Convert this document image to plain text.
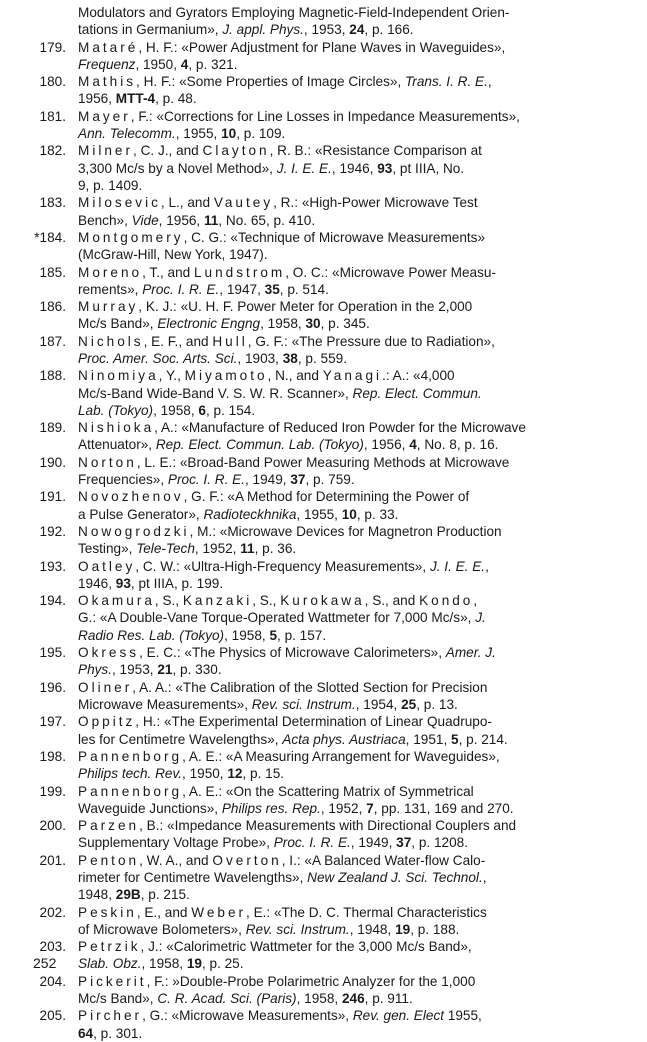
Modulators and Gyrators Employing Magnetic-Field-Independent Orien-
tations in Germanium», J. appl. Phys., 1953, 24, p. 166.
179. Mataré, H. F.: «Power Adjustment for Plane Waves in Waveguides»,
Frequenz, 1950, 4, p. 321.
180. Mathis, H. F.: «Some Properties of Image Circles», Trans. I. R. E.,
1956, MTT-4, p. 48.
181. Mayer, F.: «Corrections for Line Losses in Impedance Measurements»,
Ann. Telecomm., 1955, 10, p. 109.
182. Milner, C. J., and Clayton, R. B.: «Resistance Comparison at
3,300 Mc/s by a Novel Method», J. I. E. E., 1946, 93, pt IIIA, No.
9, p. 1409.
183. Milosevic, L., and Vautey, R.: «High-Power Microwave Test
Bench», Vide, 1956, 11, No. 65, p. 410.
*184. Montgomery, C. G.: «Technique of Microwave Measurements»
(McGraw-Hill, New York, 1947).
185. Moreno, T., and Lundstrom, O. C.: «Microwave Power Measu-
rements», Proc. I. R. E., 1947, 35, p. 514.
186. Murray, K. J.: «U. H. F. Power Meter for Operation in the 2,000
Mc/s Band», Electronic Engng, 1958, 30, p. 345.
187. Nichols, E. F., and Hull, G. F.: «The Pressure due to Radiation»,
Proc. Amer. Soc. Arts. Sci., 1903, 38, p. 559.
188. Ninomiya, Y., Miyamoto, N., and Yanagi.: A.: «4,000
Mc/s-Band Wide-Band V. S. W. R. Scanner», Rep. Elect. Commun.
Lab. (Tokyo), 1958, 6, p. 154.
189. Nishioka, A.: «Manufacture of Reduced Iron Powder for the Microwave
Attenuator», Rep. Elect. Commun. Lab. (Tokyo), 1956, 4, No. 8, p. 16.
190. Norton, L. E.: «Broad-Band Power Measuring Methods at Microwave
Frequencies», Proc. I. R. E., 1949, 37, p. 759.
191. Novozhenov, G. F.: «A Method for Determining the Power of
a Pulse Generator», Radioteckhnika, 1955, 10, p. 33.
192. Nowogrodzki, M.: «Microwave Devices for Magnetron Production
Testing», Tele-Tech, 1952, 11, p. 36.
193. Oatley, C. W.: «Ultra-High-Frequency Measurements», J. I. E. E.,
1946, 93, pt IIIA, p. 199.
194. Okamura, S., Kanzaki, S., Kurokawa, S., and Kondo,
G.: «A Double-Vane Torque-Operated Wattmeter for 7,000 Mc/s», J.
Radio Res. Lab. (Tokyo), 1958, 5, p. 157.
195. Okress, E. C.: «The Physics of Microwave Calorimeters», Amer. J.
Phys., 1953, 21, p. 330.
196. Oliner, A. A.: «The Calibration of the Slotted Section for Precision
Microwave Measurements», Rev. sci. Instrum., 1954, 25, p. 13.
197. Oppitz, H.: «The Experimental Determination of Linear Quadrupo-
les for Centimetre Wavelengths», Acta phys. Austriaca, 1951, 5, p. 214.
198. Pannenborg, A. E.: «A Measuring Arrangement for Waveguides»,
Philips tech. Rev., 1950, 12, p. 15.
199. Pannenborg, A. E.: «On the Scattering Matrix of Symmetrical
Waveguide Junctions», Philips res. Rep., 1952, 7, pp. 131, 169 and 270.
200. Parzen, B.: «Impedance Measurements with Directional Couplers and
Supplementary Voltage Probe», Proc. I. R. E., 1949, 37, p. 1208.
201. Penton, W. A., and Overton, I.: «A Balanced Water-flow Calo-
rimeter for Centimetre Wavelengths», New Zealand J. Sci. Technol.,
1948, 29B, p. 215.
202. Peskin, E., and Weber, E.: «The D. C. Thermal Characteristics
of Microwave Bolometers», Rev. sci. Instrum., 1948, 19, p. 188.
203. Petrzik, J.: «Calorimetric Wattmeter for the 3,000 Mc/s Band»,
Slab. Obz., 1958, 19, p. 25.
204. Pickerit, F.: »Double-Probe Polarimetric Analyzer for the 1,000
Mc/s Band», C. R. Acad. Sci. (Paris), 1958, 246, p. 911.
205. Pircher, G.: «Microwave Measurements», Rev. gen. Elect 1955,
64, p. 301.
252
